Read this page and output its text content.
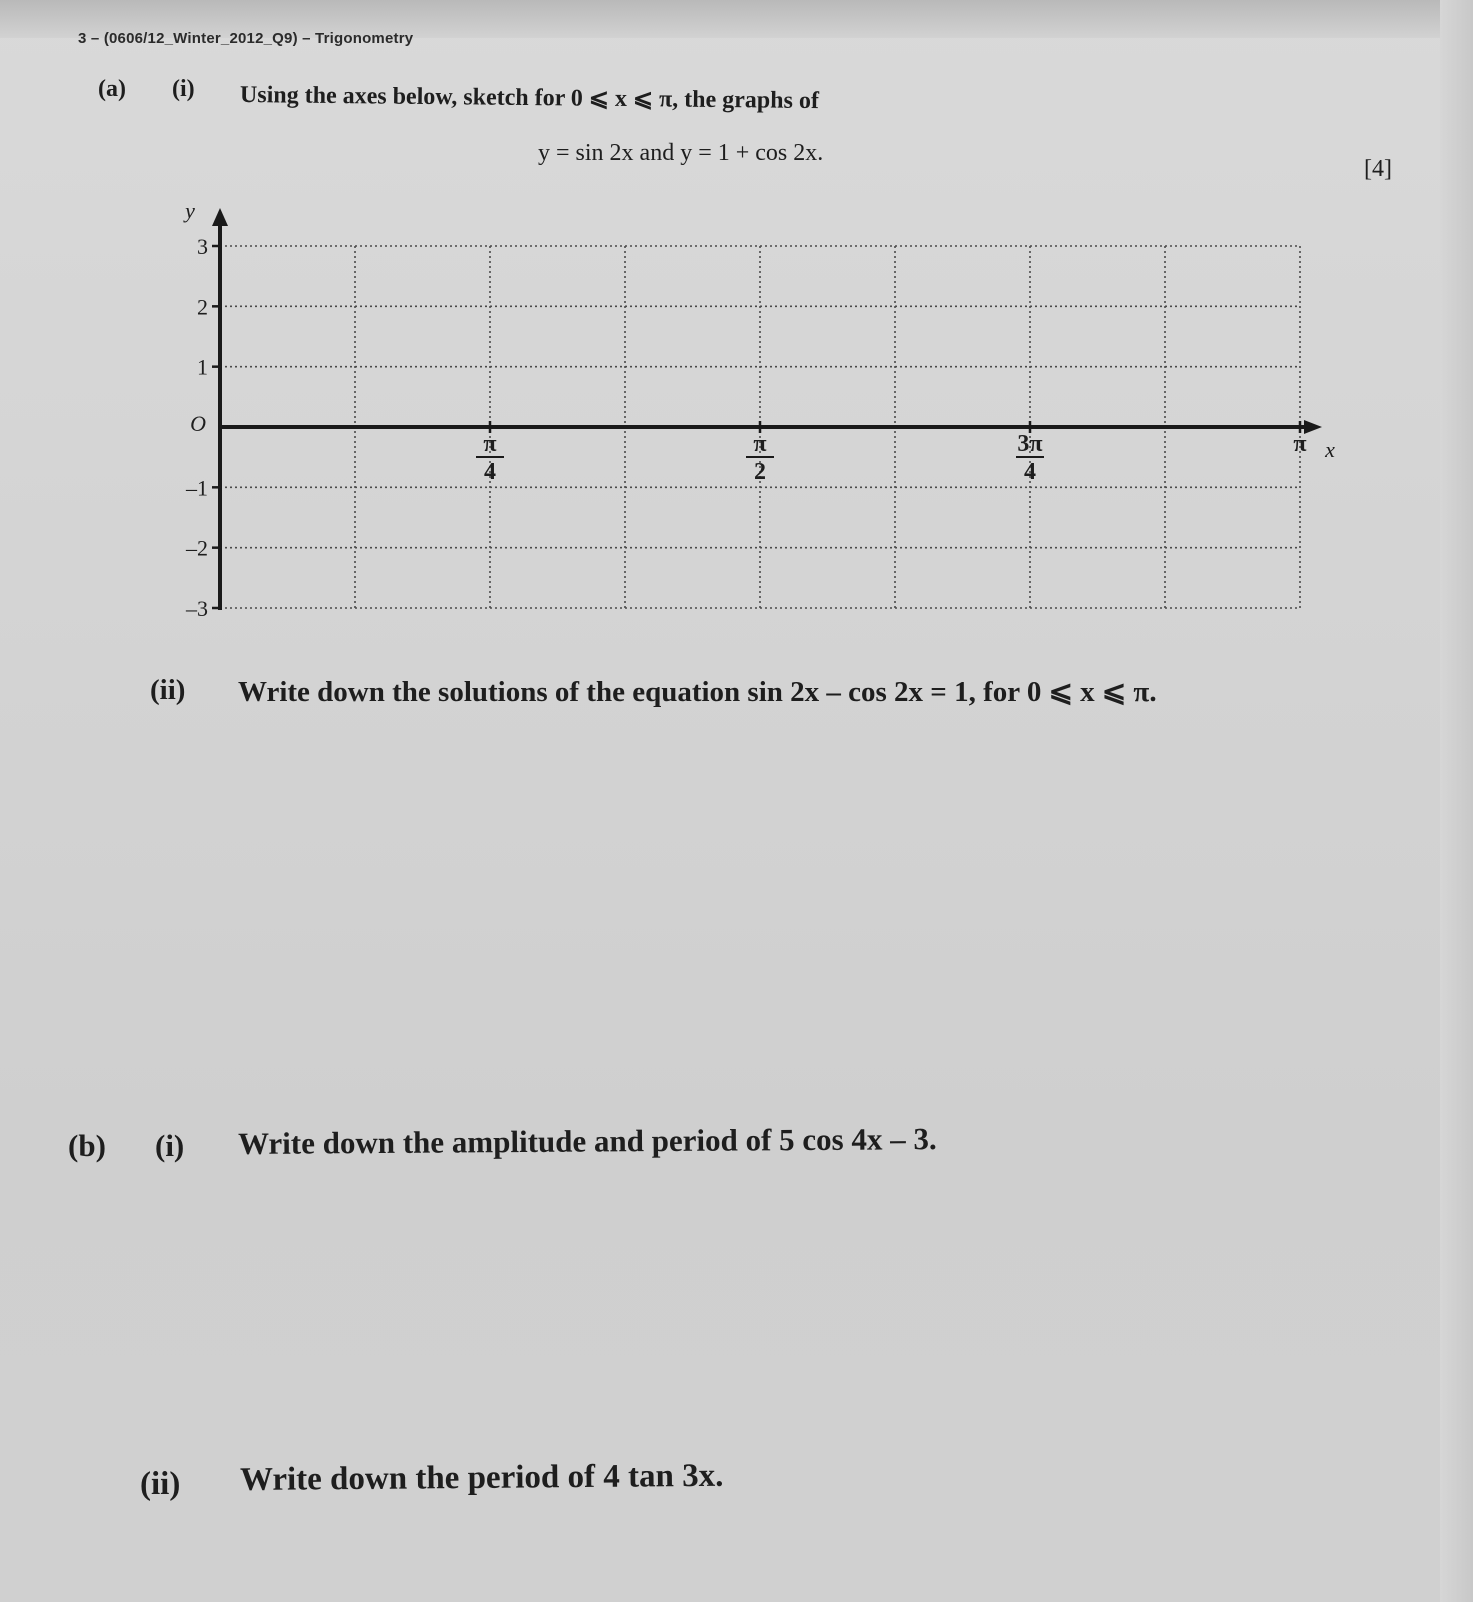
3 – (0606/12_Winter_2012_Q9) – Trigonometry
(a) (i) Using the axes below, sketch for 0 ⩽ x ⩽ π, the graphs of
y = sin 2x and y = 1 + cos 2x.
[4]
3
2
1
–1
–2
–3
O
y
x
π
4
π
2
3π
4
π
(ii) Write down the solutions of the equation sin 2x – cos 2x = 1, for 0 ⩽ x ⩽ π.
(b) (i) Write down the amplitude and period of 5 cos 4x – 3.
(ii) Write down the period of 4 tan 3x.
